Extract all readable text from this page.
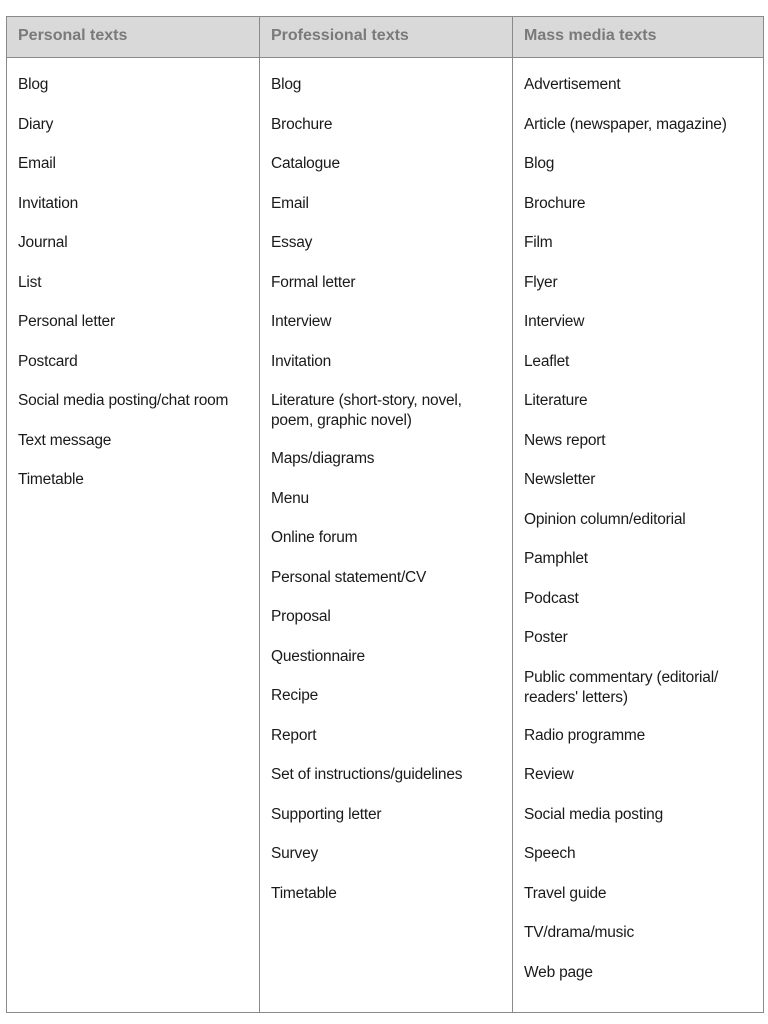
Personal texts	Professional texts	Mass media texts
Blog
Diary
Email
Invitation
Journal
List
Personal letter
Postcard
Social media posting/chat room
Text message
Timetable
Blog
Brochure
Catalogue
Email
Essay
Formal letter
Interview
Invitation
Literature (short-story, novel, poem, graphic novel)
Maps/diagrams
Menu
Online forum
Personal statement/CV
Proposal
Questionnaire
Recipe
Report
Set of instructions/guidelines
Supporting letter
Survey
Timetable
Advertisement
Article (newspaper, magazine)
Blog
Brochure
Film
Flyer
Interview
Leaflet
Literature
News report
Newsletter
Opinion column/editorial
Pamphlet
Podcast
Poster
Public commentary (editorial/ readers' letters)
Radio programme
Review
Social media posting
Speech
Travel guide
TV/drama/music
Web page
